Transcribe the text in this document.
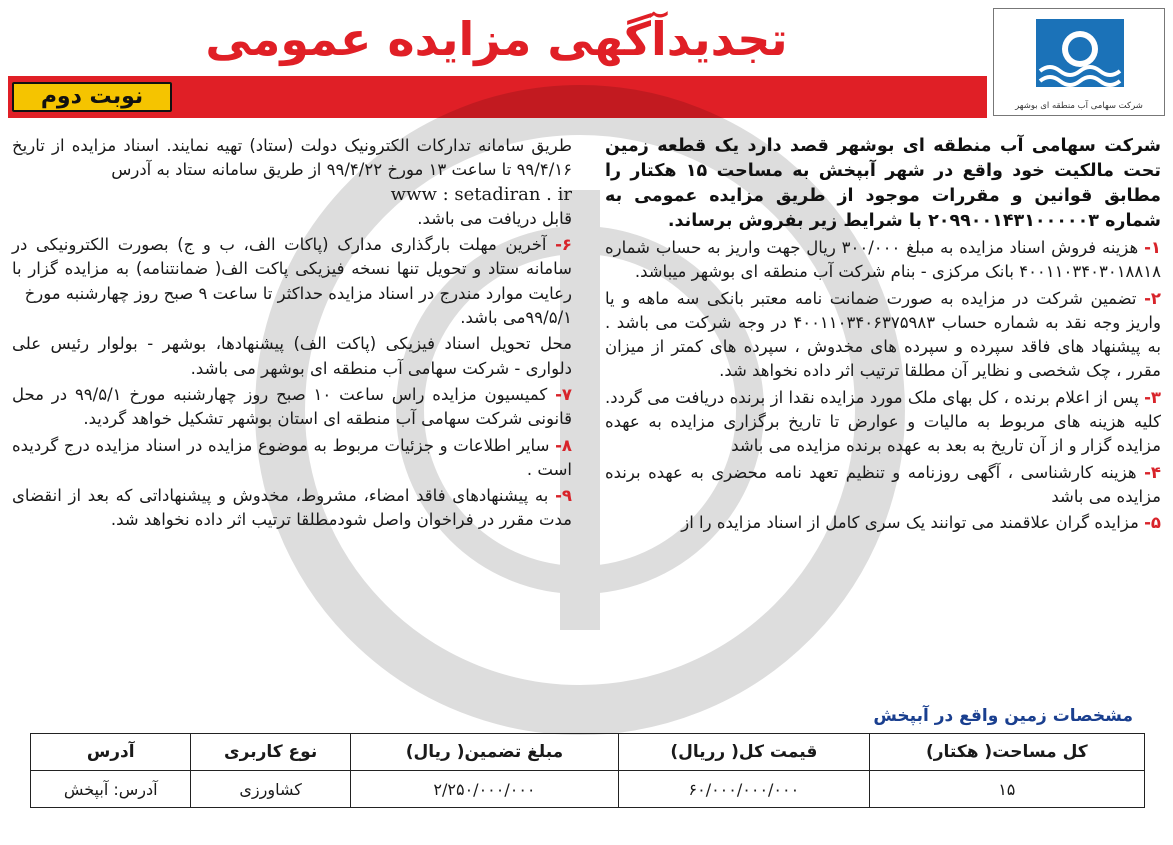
شرکت سهامی آب منطقه ای بوشهر
تجدیدآگهی مزایده عمومی
نوبت دوم

شرکت سهامی آب منطقه ای بوشهر قصد دارد یک قطعه زمین تحت مالکیت خود واقع در شهر آبپخش به مساحت ۱۵ هکتار را مطابق قوانین و مقررات موجود از طریق مزایده عمومی به شماره ۲۰۹۹۰۰۱۴۳۱۰۰۰۰۰۳ با شرایط زیر بفروش برساند.

۱- هزینه فروش اسناد مزایده به مبلغ ۳۰۰/۰۰۰ ریال جهت واریز به حساب شماره ۴۰۰۱۱۰۳۴۰۳۰۱۸۸۱۸ بانک مرکزی - بنام شرکت آب منطقه ای بوشهر میباشد.

۲- تضمین شرکت در مزایده به صورت ضمانت نامه معتبر بانکی سه ماهه و یا واریز وجه نقد به شماره حساب ۴۰۰۱۱۰۳۴۰۶۳۷۵۹۸۳ در وجه شرکت می باشد . به پیشنهاد های فاقد سپرده و سپرده های مخدوش ، سپرده های کمتر از میزان مقرر ، چک شخصی و نظایر آن مطلقا ترتیب اثر داده نخواهد شد.

۳- پس از اعلام برنده ، کل بهای ملک مورد مزایده نقدا از برنده دریافت می گردد. کلیه هزینه های مربوط به مالیات و عوارض تا تاریخ برگزاری مزایده به عهده مزایده گزار و از آن تاریخ به بعد به عهده برنده مزایده می باشد

۴- هزینه کارشناسی ، آگهی روزنامه و تنظیم تعهد نامه محضری به عهده برنده مزایده می باشد

۵- مزایده گران علاقمند می توانند یک سری کامل از اسناد مزایده را از

طریق سامانه تدارکات الکترونیک دولت (ستاد) تهیه نمایند. اسناد مزایده از تاریخ ۹۹/۴/۱۶ تا ساعت ۱۳ مورخ ۹۹/۴/۲۲ از طریق سامانه ستاد به آدرس

www : setadiran . ir

قابل دریافت می باشد.

۶- آخرین مهلت بارگذاری مدارک (پاکات الف، ب و ج) بصورت الکترونیکی در سامانه ستاد و تحویل تنها نسخه فیزیکی پاکت الف( ضمانتنامه) به مزایده گزار با رعایت موارد مندرج در اسناد مزایده حداکثر تا ساعت ۹ صبح روز چهارشنبه مورخ

۹۹/۵/۱می باشد.

محل تحویل اسناد فیزیکی (پاکت الف) پیشنهادها، بوشهر - بولوار رئیس علی دلواری - شرکت سهامی آب منطقه ای بوشهر می باشد.

۷- کمیسیون مزایده راس ساعت ۱۰ صبح روز چهارشنبه مورخ ۹۹/۵/۱ در محل قانونی شرکت سهامی آب منطقه ای استان بوشهر تشکیل خواهد گردید.

۸- سایر اطلاعات و جزئیات مربوط به موضوع مزایده در اسناد مزایده درج گردیده است .

۹- به پیشنهادهای فاقد امضاء، مشروط، مخدوش و پیشنهاداتی که بعد از انقضای مدت مقرر در فراخوان واصل شودمطلقا ترتیب اثر داده نخواهد شد.

مشخصات زمین واقع در آبپخش
کل مساحت( هکتار)	قیمت کل( رریال)	مبلغ تضمین( ریال)	نوع کاربری	آدرس
۱۵	۶۰/۰۰۰/۰۰۰/۰۰۰	۲/۲۵۰/۰۰۰/۰۰۰	کشاورزی	آدرس: آبپخش
